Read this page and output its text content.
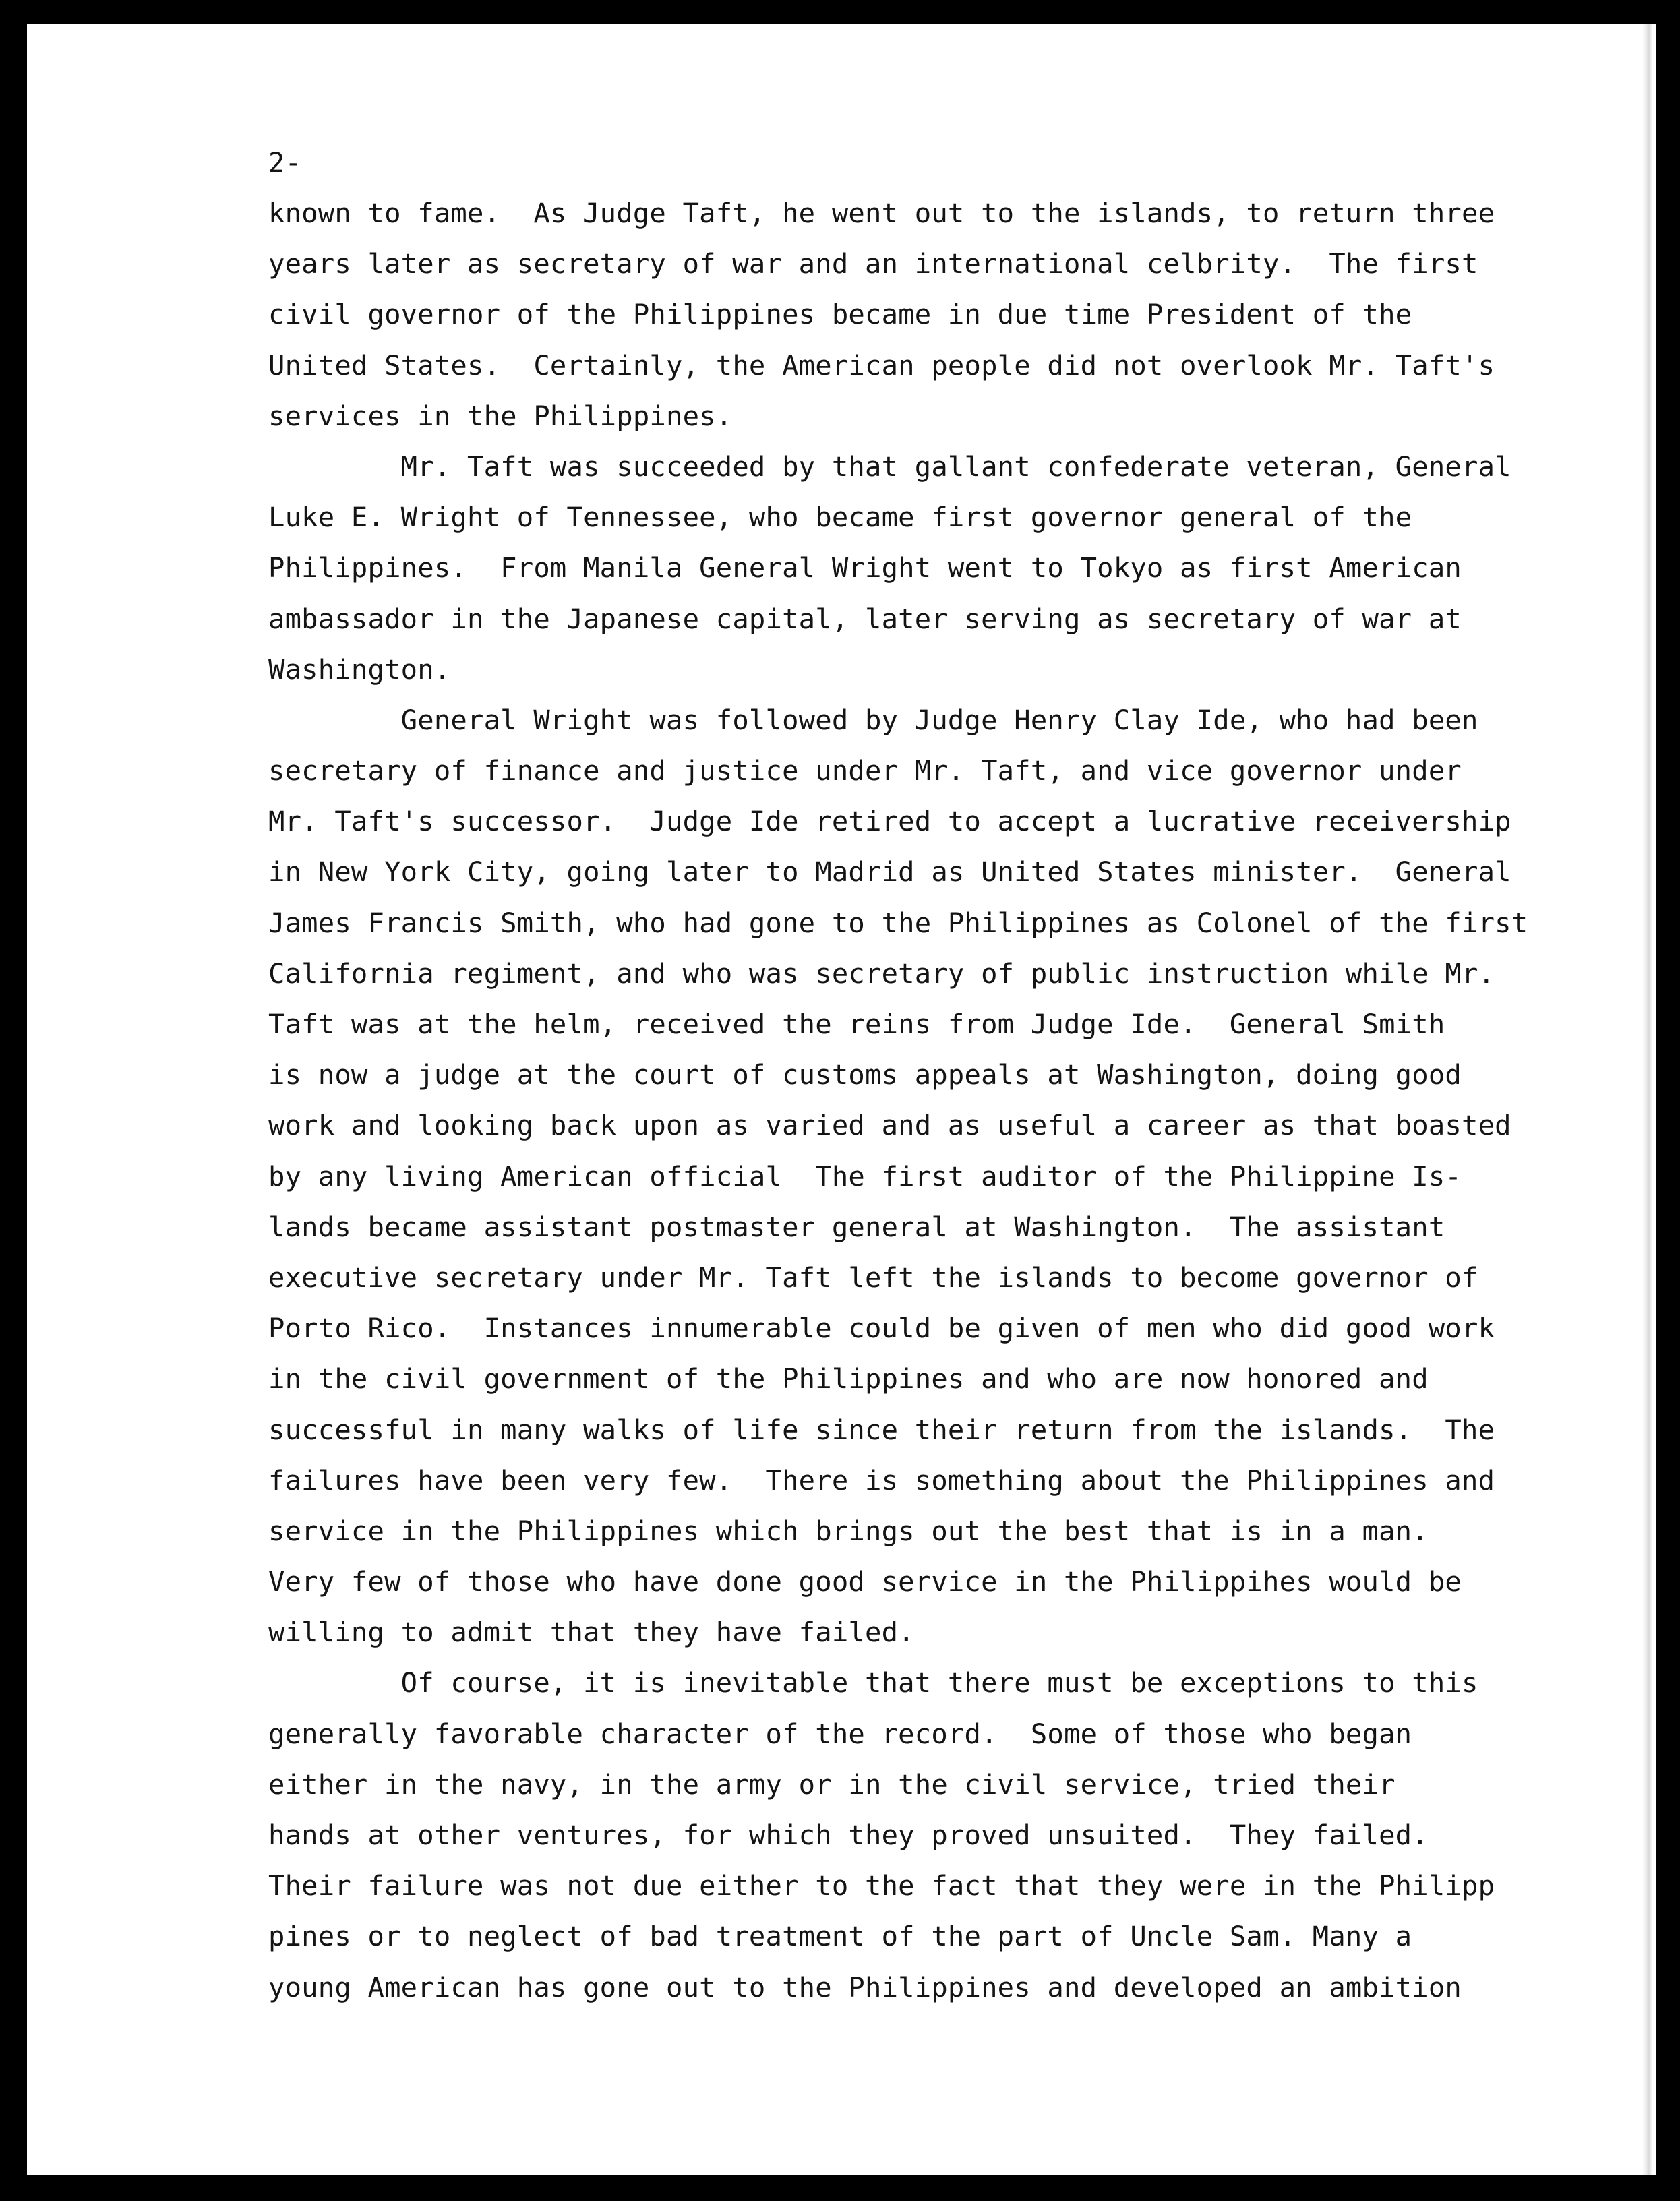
2-
known to fame.  As Judge Taft, he went out to the islands, to return three
years later as secretary of war and an international celbrity.  The first
civil governor of the Philippines became in due time President of the
United States.  Certainly, the American people did not overlook Mr. Taft's
services in the Philippines.
Mr. Taft was succeeded by that gallant confederate veteran, General
Luke E. Wright of Tennessee, who became first governor general of the
Philippines.  From Manila General Wright went to Tokyo as first American
ambassador in the Japanese capital, later serving as secretary of war at
Washington.
General Wright was followed by Judge Henry Clay Ide, who had been
secretary of finance and justice under Mr. Taft, and vice governor under
Mr. Taft's successor.  Judge Ide retired to accept a lucrative receivership
in New York City, going later to Madrid as United States minister.  General
James Francis Smith, who had gone to the Philippines as Colonel of the first
California regiment, and who was secretary of public instruction while Mr.
Taft was at the helm, received the reins from Judge Ide.  General Smith
is now a judge at the court of customs appeals at Washington, doing good
work and looking back upon as varied and as useful a career as that boasted
by any living American official  The first auditor of the Philippine Is-
lands became assistant postmaster general at Washington.  The assistant
executive secretary under Mr. Taft left the islands to become governor of
Porto Rico.  Instances innumerable could be given of men who did good work
in the civil government of the Philippines and who are now honored and
successful in many walks of life since their return from the islands.  The
failures have been very few.  There is something about the Philippines and
service in the Philippines which brings out the best that is in a man.
Very few of those who have done good service in the Philippihes would be
willing to admit that they have failed.
Of course, it is inevitable that there must be exceptions to this
generally favorable character of the record.  Some of those who began
either in the navy, in the army or in the civil service, tried their
hands at other ventures, for which they proved unsuited.  They failed.
Their failure was not due either to the fact that they were in the Philipp
pines or to neglect of bad treatment of the part of Uncle Sam. Many a
young American has gone out to the Philippines and developed an ambition
